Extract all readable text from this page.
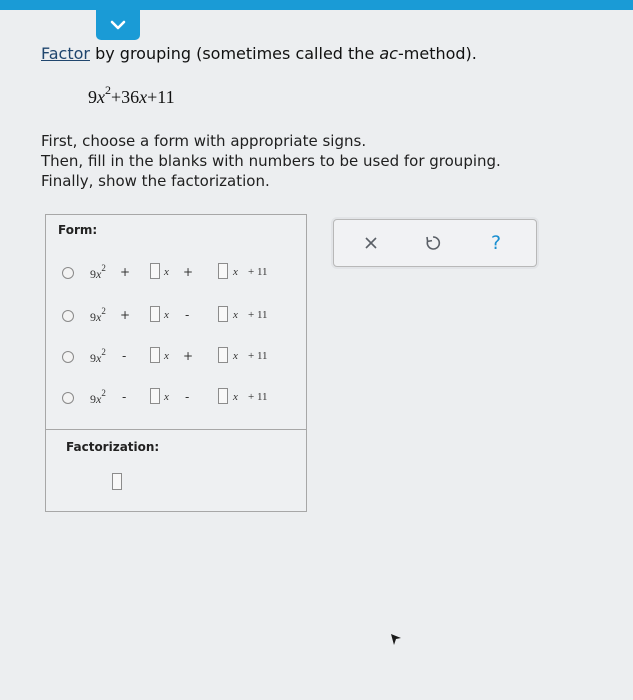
Factor by grouping (sometimes called the ac-method).
$9x^2+36x+11$
First, choose a form with appropriate signs.
Then, fill in the blanks with numbers to be used for grouping.
Finally, show the factorization.
Form:
$9x^2$ +	x +	x + 11
$9x^2$ +	x -	x + 11
$9x^2$ -	x +	x + 11
$9x^2$ -	x -	x + 11
Factorization:
?
